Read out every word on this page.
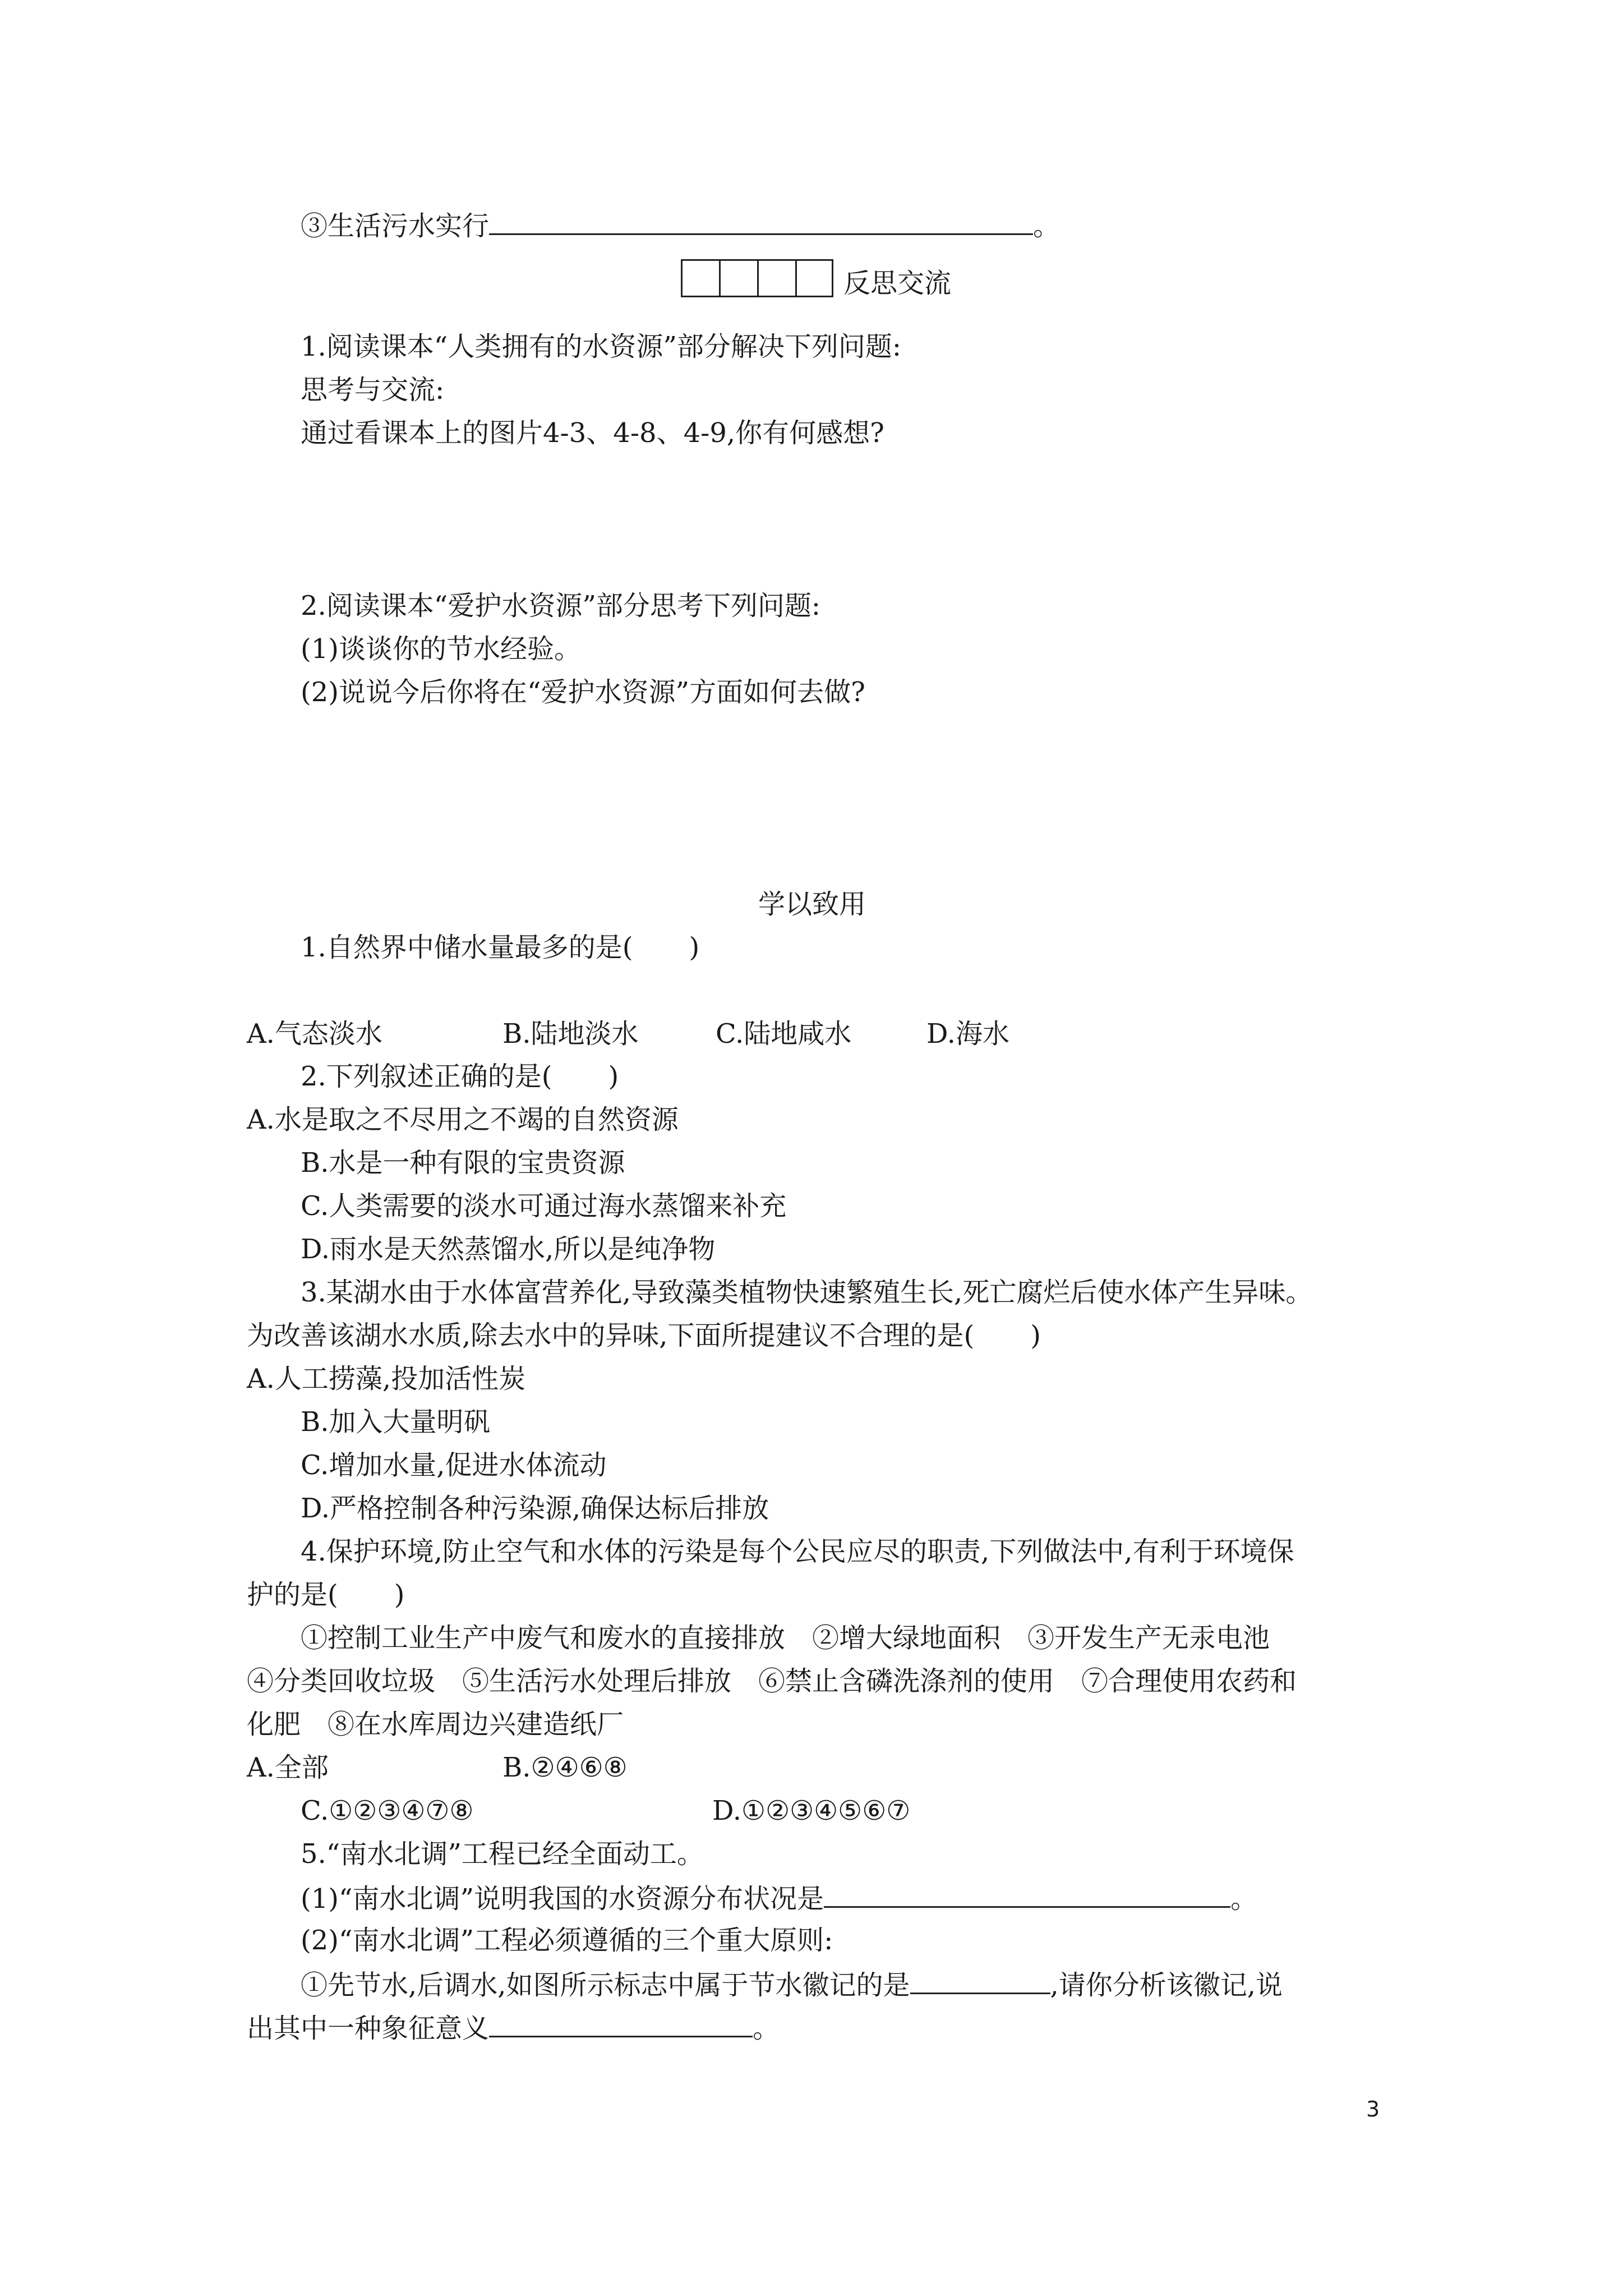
③生活污水实行	。
反思交流
1.阅读课本“人类拥有的水资源”部分解决下列问题:
思考与交流:
通过看课本上的图片4-3、4-8、4-9,你有何感想?
2.阅读课本“爱护水资源”部分思考下列问题:
(1)谈谈你的节水经验。
(2)说说今后你将在“爱护水资源”方面如何去做?
学以致用
1.自然界中储水量最多的是( )
A.气态淡水	B.陆地淡水	C.陆地咸水	D.海水
2.下列叙述正确的是( )
A.水是取之不尽用之不竭的自然资源
B.水是一种有限的宝贵资源
C.人类需要的淡水可通过海水蒸馏来补充
D.雨水是天然蒸馏水,所以是纯净物
3.某湖水由于水体富营养化,导致藻类植物快速繁殖生长,死亡腐烂后使水体产生异味。
为改善该湖水水质,除去水中的异味,下面所提建议不合理的是( )
A.人工捞藻,投加活性炭
B.加入大量明矾
C.增加水量,促进水体流动
D.严格控制各种污染源,确保达标后排放
4.保护环境,防止空气和水体的污染是每个公民应尽的职责,下列做法中,有利于环境保
护的是( )
①控制工业生产中废气和废水的直接排放　②增大绿地面积　③开发生产无汞电池
④分类回收垃圾　⑤生活污水处理后排放　⑥禁止含磷洗涤剂的使用　⑦合理使用农药和
化肥　⑧在水库周边兴建造纸厂
A.全部	B.②④⑥⑧
C.①②③④⑦⑧	D.①②③④⑤⑥⑦
5.“南水北调”工程已经全面动工。
(1)“南水北调”说明我国的水资源分布状况是	。
(2)“南水北调”工程必须遵循的三个重大原则:
①先节水,后调水,如图所示标志中属于节水徽记的是	,请你分析该徽记,说
出其中一种象征意义	。
3
